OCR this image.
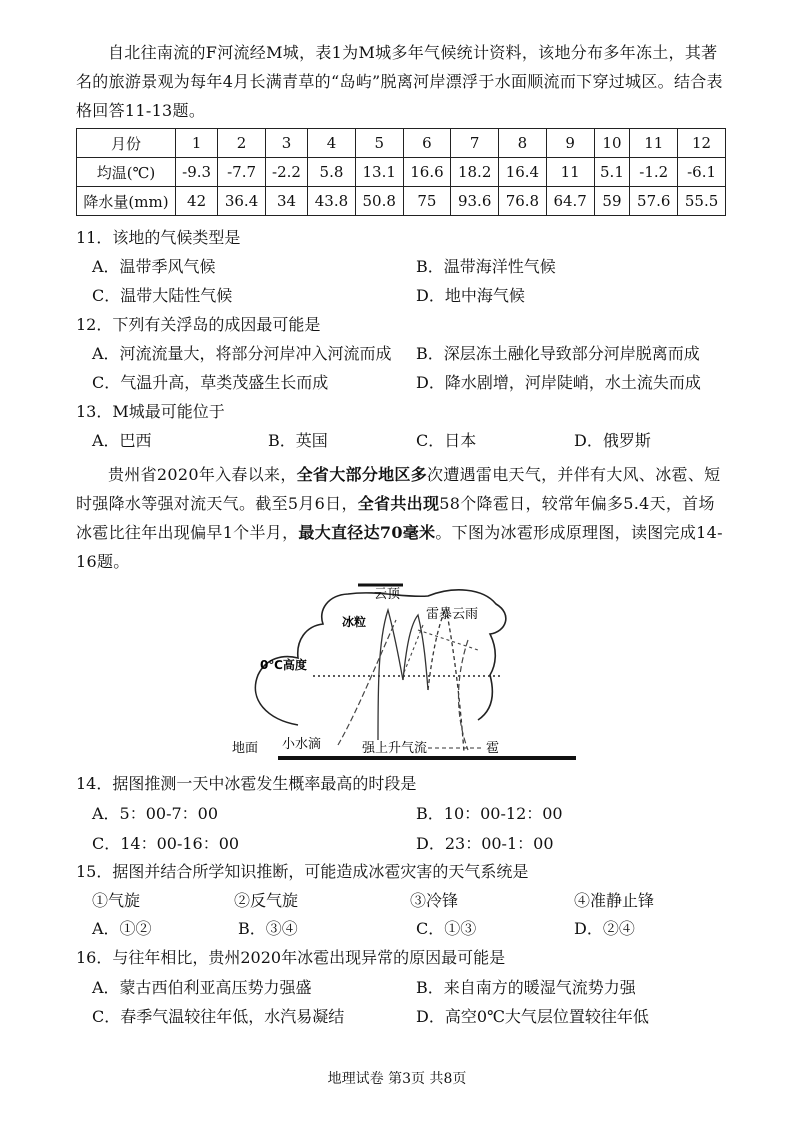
自北往南流的F河流经M城，表1为M城多年气候统计资料，该地分布多年冻土，其著名的旅游景观为每年4月长满青草的“岛屿”脱离河岸漂浮于水面顺流而下穿过城区。结合表格回答11-13题。
月份	1	2	3	4	5	6	7	8	9	10	11	12
均温(℃)	-9.3	-7.7	-2.2	5.8	13.1	16.6	18.2	16.4	11	5.1	-1.2	-6.1
降水量(mm)	42	36.4	34	43.8	50.8	75	93.6	76.8	64.7	59	57.6	55.5
11．该地的气候类型是
A．温带季风气候	B．温带海洋性气候
C．温带大陆性气候	D．地中海气候
12．下列有关浮岛的成因最可能是
A．河流流量大，将部分河岸冲入河流而成 B．深层冻土融化导致部分河岸脱离而成
C．气温升高，草类茂盛生长而成	D．降水剧增，河岸陡峭，水土流失而成
13．M城最可能位于
A．巴西	B．英国	C．日本	D．俄罗斯
贵州省2020年入春以来，全省大部分地区多次遭遇雷电天气，并伴有大风、冰雹、短时强降水等强对流天气。截至5月6日，全省共出现58个降雹日，较常年偏多5.4天，首场冰雹比往年出现偏早1个半月，最大直径达70毫米。下图为冰雹形成原理图，读图完成14-16题。
云顶
冰粒	雷暴云雨
0℃高度
地面 小水滴	强上升气流	雹
14．据图推测一天中冰雹发生概率最高的时段是
A．5：00-7：00	B．10：00-12：00
C．14：00-16：00	D．23：00-1：00
15．据图并结合所学知识推断，可能造成冰雹灾害的天气系统是
①气旋	②反气旋	③冷锋	④准静止锋
A．①②	B．③④	C．①③	D．②④
16．与往年相比，贵州2020年冰雹出现异常的原因最可能是
A．蒙古西伯利亚高压势力强盛	B．来自南方的暖湿气流势力强
C．春季气温较往年低，水汽易凝结	D．高空0℃大气层位置较往年低
地理试卷 第3页 共8页
